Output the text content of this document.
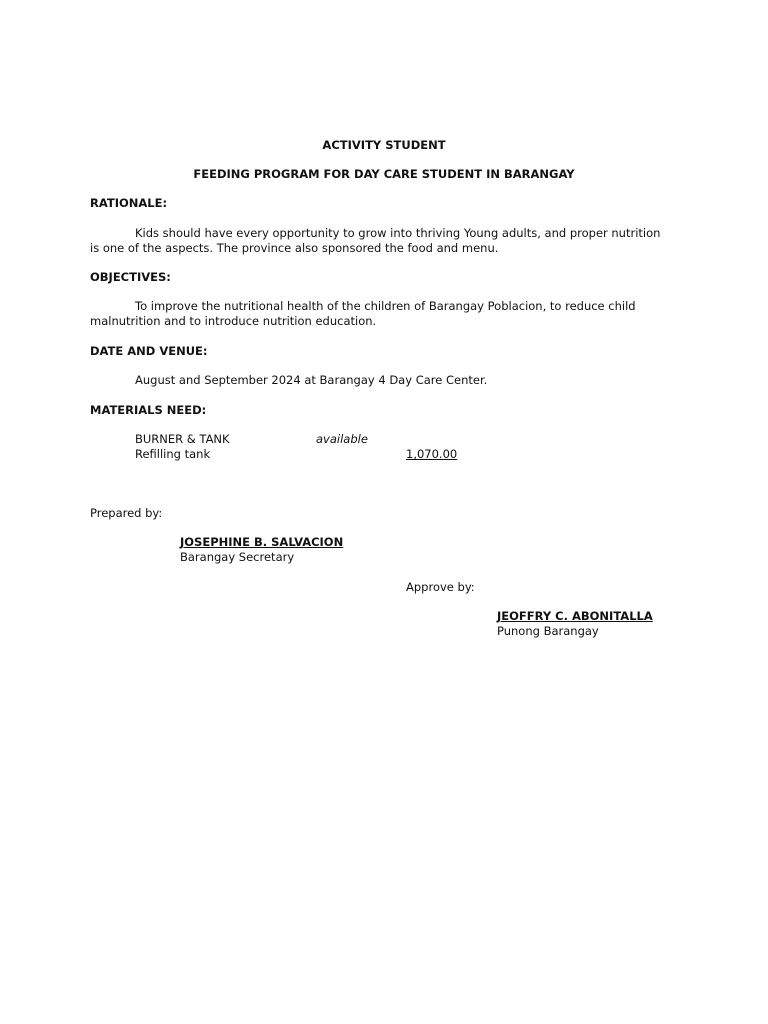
ACTIVITY STUDENT
FEEDING PROGRAM FOR DAY CARE STUDENT IN BARANGAY
RATIONALE:
Kids should have every opportunity to grow into thriving Young adults, and proper nutrition is one of the aspects. The province also sponsored the food and menu.
OBJECTIVES:
To improve the nutritional health of the children of Barangay Poblacion, to reduce child malnutrition and to introduce nutrition education.
DATE AND VENUE:
August and September 2024 at Barangay 4 Day Care Center.
MATERIALS NEED:
BURNER & TANK	available
Refilling tank	1,070.00
Prepared by:
JOSEPHINE B. SALVACION
Barangay Secretary
Approve by:
JEOFFRY C. ABONITALLA
Punong Barangay
